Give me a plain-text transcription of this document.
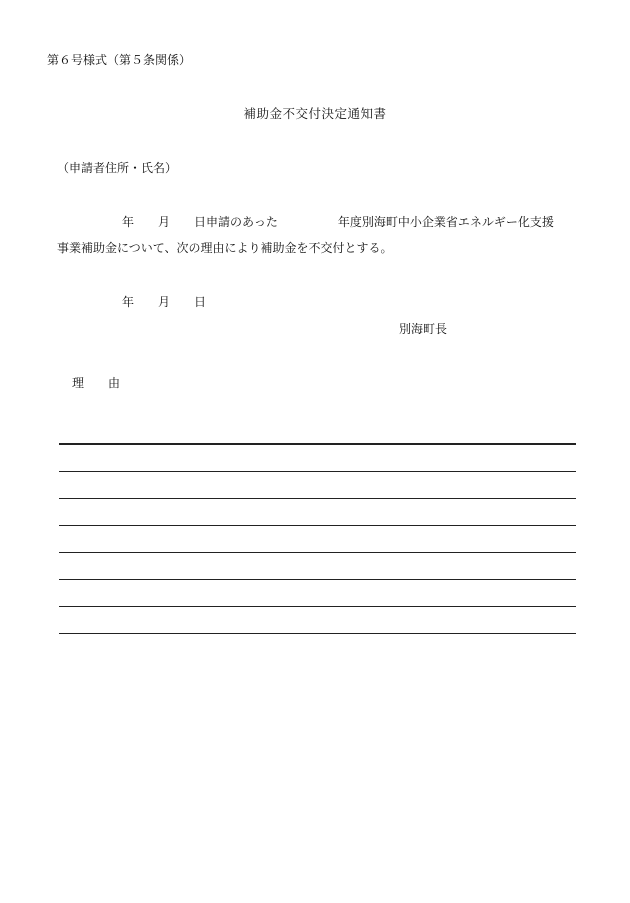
第６号様式（第５条関係）

補助金不交付決定通知書

（申請者住所・氏名）

年　　月　　日申請のあった　　　　　年度別海町中小企業省エネルギー化支援

事業補助金について、次の理由により補助金を不交付とする。

年　　月　　日

別海町長

理　　由
